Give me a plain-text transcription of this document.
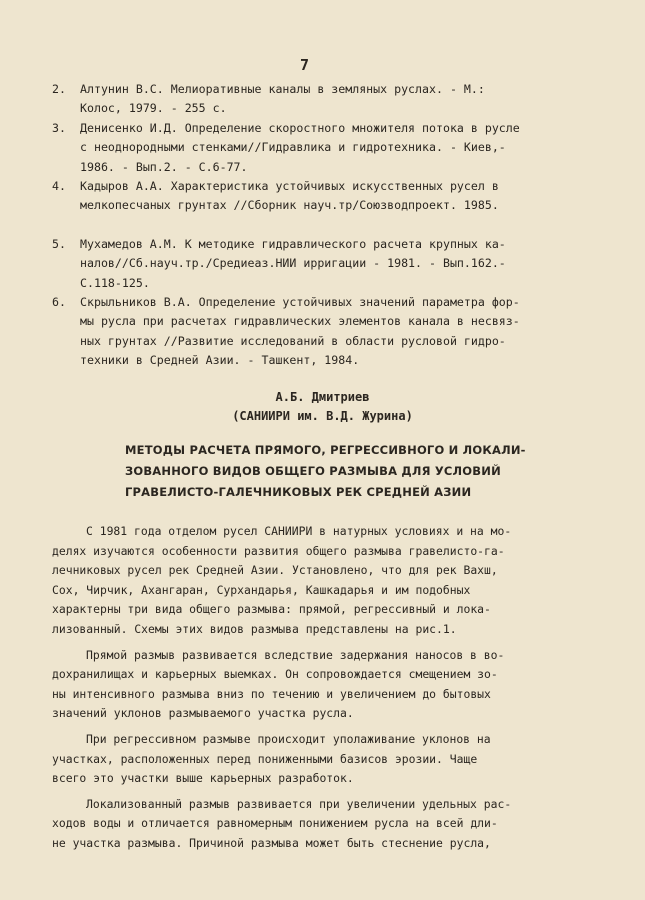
7
2.	Алтунин В.С. Мелиоративные каналы в земляных руслах. - М.:
Колос, 1979. - 255 с.
3.	Денисенко И.Д. Определение скоростного множителя потока в русле
с неоднородными стенками//Гидравлика и гидротехника. - Киев,-
1986. - Вып.2. - С.6-77.
4.	Кадыров А.А. Характеристика устойчивых искусственных русел в
мелкопесчаных грунтах //Сборник науч.тр/Союзводпроект. 1985.
5.	Мухамедов А.М. К методике гидравлического расчета крупных ка-
налов//Сб.науч.тр./Средиеаз.НИИ ирригации - 1981. - Вып.162.-
С.118-125.
6.	Скрыльников В.А. Определение устойчивых значений параметра фор-
мы русла при расчетах гидравлических элементов канала в несвяз-
ных грунтах //Развитие исследований в области русловой гидро-
техники в Средней Азии. - Ташкент, 1984.
А.Б. Дмитриев
(САНИИРИ им. В.Д. Журина)
МЕТОДЫ РАСЧЕТА ПРЯМОГО, РЕГРЕССИВНОГО И ЛОКАЛИ-
ЗОВАННОГО ВИДОВ ОБЩЕГО РАЗМЫВА ДЛЯ УСЛОВИЙ
ГРАВЕЛИСТО-ГАЛЕЧНИКОВЫХ РЕК СРЕДНЕЙ АЗИИ
С 1981 года отделом русел САНИИРИ в натурных условиях и на мо-
делях изучаются особенности развития общего размыва гравелисто-га-
лечниковых русел рек Средней Азии. Установлено, что для рек Вахш,
Сох, Чирчик, Ахангаран, Сурхандарья, Кашкадарья и им подобных
характерны три вида общего размыва: прямой, регрессивный и лока-
лизованный. Схемы этих видов размыва представлены на рис.1.
Прямой размыв развивается вследствие задержания наносов в во-
дохранилищах и карьерных выемках. Он сопровождается смещением зо-
ны интенсивного размыва вниз по течению и увеличением до бытовых
значений уклонов размываемого участка русла.
При регрессивном размыве происходит уполаживание уклонов на
участках, расположенных перед пониженными базисов эрозии. Чаще
всего это участки выше карьерных разработок.
Локализованный размыв развивается при увеличении удельных рас-
ходов воды и отличается равномерным понижением русла на всей дли-
не участка размыва. Причиной размыва может быть стеснение русла,
